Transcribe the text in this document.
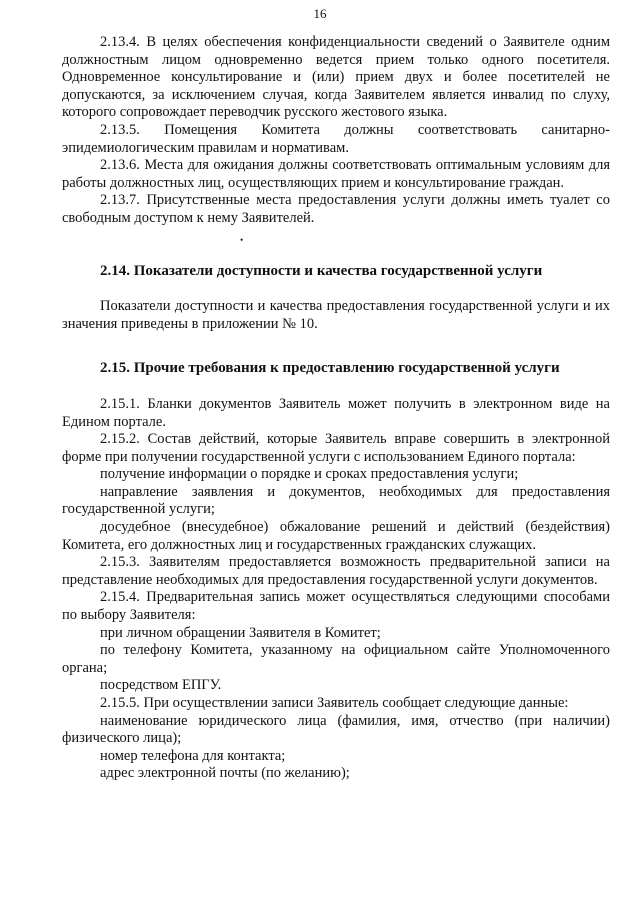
16

2.13.4. В целях обеспечения конфиденциальности сведений о Заявителе одним должностным лицом одновременно ведется прием только одного посетителя. Одновременное консультирование и (или) прием двух и более посетителей не допускаются, за исключением случая, когда Заявителем является инвалид по слуху, которого сопровождает переводчик русского жестового языка.

2.13.5. Помещения Комитета должны соответствовать санитарно-эпидемиологическим правилам и нормативам.

2.13.6. Места для ожидания должны соответствовать оптимальным условиям для работы должностных лиц, осуществляющих прием и консультирование граждан.

2.13.7. Присутственные места предоставления услуги должны иметь туалет со свободным доступом к нему Заявителей.

•

2.14. Показатели доступности и качества государственной услуги

Показатели доступности и качества предоставления государственной услуги и их значения приведены в приложении № 10.

2.15. Прочие требования к предоставлению государственной услуги

2.15.1. Бланки документов Заявитель может получить в электронном виде на Едином портале.

2.15.2. Состав действий, которые Заявитель вправе совершить в электронной форме при получении государственной услуги с использованием Единого портала:

получение информации о порядке и сроках предоставления услуги;

направление заявления и документов, необходимых для предоставления государственной услуги;

досудебное (внесудебное) обжалование решений и действий (бездействия) Комитета, его должностных лиц и государственных гражданских служащих.

2.15.3. Заявителям предоставляется возможность предварительной записи на представление необходимых для предоставления государственной услуги документов.

2.15.4. Предварительная запись может осуществляться следующими способами по выбору Заявителя:

при личном обращении Заявителя в Комитет;

по телефону Комитета, указанному на официальном сайте Уполномоченного органа;

посредством ЕПГУ.

2.15.5. При осуществлении записи Заявитель сообщает следующие данные:

наименование юридического лица (фамилия, имя, отчество (при наличии) физического лица);

номер телефона для контакта;

адрес электронной почты (по желанию);
